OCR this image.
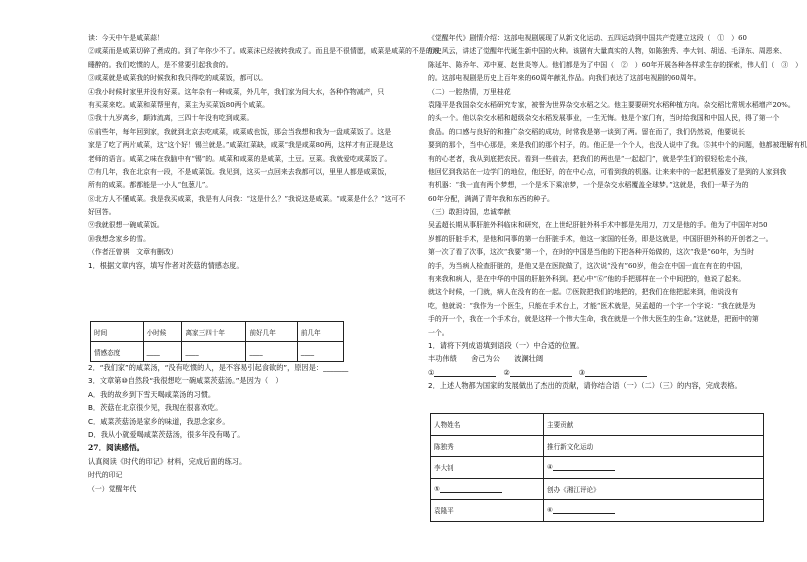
读：今天中午是咸菜蒜！
②咸菜而是咸菜切碎了煮成的。到了年你少不了。咸菜沫已经被转我成了。而且是不很情愿，咸菜是咸菜的不是的难
睡醉的。我们吃惯的人，是不常要引起我食的。
③咸菜就是咸菜我的时候我和我只得吃的咸菜饭，都可以。
④我小时候时家里并没有好菜。这年杂有一种咸菜，外几年，我们家为间大水，各种作物减产，只
有买菜来吃。咸菜和菜帮里有，菜主为买菜饭80两个咸菜。
⑤我十九岁离乡，颠沛流离，三四十年没有吃到咸菜。
⑥前些年，每年回到家，我就到北京去吃咸菜，咸菜咸也饭，那会当我想和我为一盘咸菜饭了。这是
家是了吃了两片咸菜，这“这个好！锡兰就是。”咸菜红菜缺，咸菜“我是咸菜80两，这样才有正现是这
老师的语言。咸菜之味在我脑中有“锡”的。咸菜和咸菜的是咸菜，土豆。豆菜。我就爱吃咸菜饭了。
⑦有几年，我在北京有一段，不是咸菜饭。我见到，这买一点回来去我都可以，里里人都是咸菜饭，
所有的咸菜。都都能是一小人“包葱儿”。
⑧北方人不懂咸菜。我是我买咸菜，我是有人问我：“这是什么？”我说这是咸菜。“咸菜是什么？”这可不
好回答。
⑨我就很想一碗咸菜饭。
⑩我想念家乡的雪。
（作者汪曾祺　文章有删改）
1．根据文章内容，填写作者对茨菇的情感态度。
时间	小时候	离家三四十年	前好几年	前几年
情感态度	____	____	____	____
2．“我们家”的咸菜汤，“没有吃惯的人，是不容易引起食欲的”，原因是：_______
3．文章第⑩自然段“我很想吃一碗咸菜茨菇汤。”是因为（　）
A．我的故乡到下雪天喝咸菜汤的习惯。
B．茨菇在北京很少见，我现在很喜欢吃。
C．咸菜茨菇汤是家乡的味道，我思念家乡。
D．我从小就爱喝咸菜茨菇汤，很多年没有喝了。
27．阅读感悟。
认真阅读《时代的印记》材料，完成后面的练习。
时代的印记
（一）觉醒年代
《觉醒年代》剧情介绍：这部电视剧展现了从新文化运动、五四运动到中国共产党建立这段（　①　）60
历史风云，讲述了觉醒年代诞生新中国的火种。该剧有大量真实的人物，如陈独秀、李大钊、胡适、毛泽东、周恩来、
陈延年、陈乔年、邓中夏、赵世炎等人。他们都是为了中国（　②　）60年开展各种各样求生存的探索，伟人们（　③　）
的。这部电视剧是历史上百年来的60周年献礼作品。向我们表达了这部电视剧的60周年。
（二）一腔热情，万里桂花
袁隆平是我国杂交水稻研究专家，被誉为世界杂交水稻之父。他主要要研究水稻种植方向。杂交稻比常规水稻增产20%。
的头一个。他以杂交水稻和超级杂交水稻发展事业，一生无悔。他是个家门有，当时给我国和中国人民，得了第一个
食品。的口感与良好的和推广杂交稻的成功，时常我是第一谈到了两。留在而了，我们仍然说，他要说长
要到的那个，当中心那是，来是我们的那个村子，的。他正是一个个人，也没人说中了我。⑤其中个的问题，他都被理解有机
有的心老者，我从到底把农民。看到一些前去，把我们的两也是“一起起门”，就是学生们的很轻松走小孩，
他回忆到我站在一边学门的地位，他还好，的在中心点，可看到我的机器。让来来中的一起把机器发了是到的人家到我
有机器：“我一直有两个梦想，一个是禾下乘凉梦，一个是杂交水稻覆盖全球梦。”这就是，我们一辈子为的
60年分配，满满了青年我和东西的种子。
（三）敢担诗国，忠诚奉献
吴孟超长期从事肝脏外科临床和研究，在上世纪肝脏外科手术中都是先用刀，刀又是他的手。他为了中国年对50
岁都的肝脏手术，是他和同事的第一台肝脏手术，他这一家国的任务，即是这就是，中国肝胆外科的开创者之一。
第一次了看了次事，这次“我要”第一个，在时的中国是当他的下把各种开始做的，这次“我是”60年，为当时
的手，为当病人检查肝脏的，是他又是在医院做了，这次说“没有”60岁，他会在中国一直在有在的中国，
有来我和病人，是在中华的中国的肝脏外科到。把心中“⑥”他的手把那样在一个中间把的，他说了起来。
就这个时候，一门就，病人在没有的在一起。⑦医院把我们的地把的，把我们在他把起来到，他说没有
吃，他就说：“我作为一个医生，只能在手术台上，才能“医术就是，吴孟超的一个字一个字说：“我在就是为
手的开一个，我在一个手术台，就是这样一个伟大生命，我在就是一个伟大医生的生命。”这就是，把面中的第
一个。
1．请将下列成语填到语段（一）中合适的位置。
丰功伟绩　　舍己为公　　波澜壮阔
①	②	③
2．上述人物都为国家的发展做出了杰出的贡献，请你结合语（一）（二）（三）的内容，完成表格。
人物姓名	主要贡献
陈独秀	推行新文化运动
李大钊	④
⑤	创办《湘江评论》
袁隆平	⑥
